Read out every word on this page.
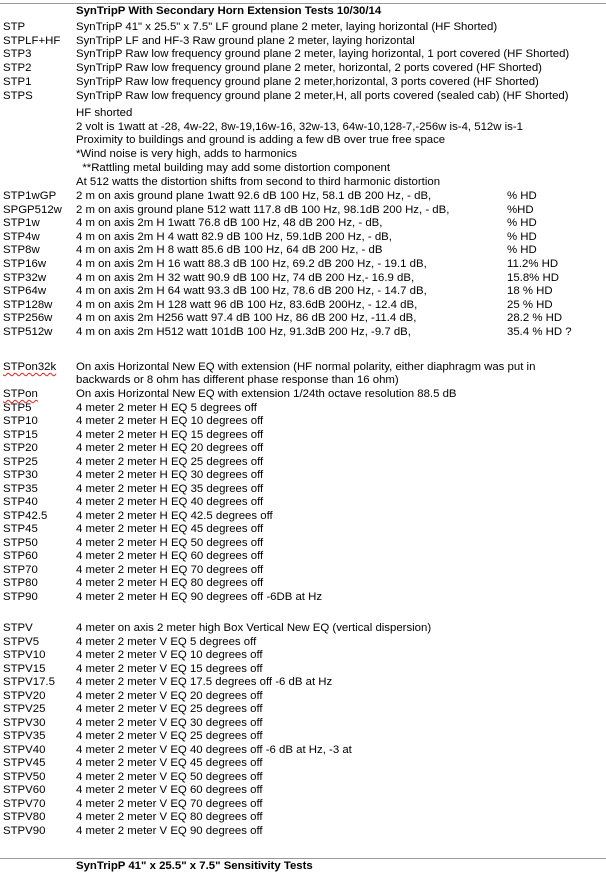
SynTripP With Secondary Horn Extension Tests 10/30/14
STP	SynTripP 41" x 25.5" x 7.5" LF ground plane 2 meter, laying horizontal (HF Shorted)
STPLF+HF SynTripP LF and HF-3 Raw ground plane 2 meter, laying horizontal
STP3	SynTripP Raw low frequency ground plane 2 meter, laying horizontal, 1 port covered (HF Shorted)
STP2	SynTripP Raw low frequency ground plane 2 meter, horizontal, 2 ports covered (HF Shorted)
STP1	SynTripP Raw low frequency ground plane 2 meter,horizontal, 3 ports covered (HF Shorted)
STPS	SynTripP Raw low frequency ground plane 2 meter,H, all ports covered (sealed cab) (HF Shorted)
HF shorted
2 volt is 1watt at -28, 4w-22, 8w-19,16w-16, 32w-13, 64w-10,128-7,-256w is-4, 512w is-1
Proximity to buildings and ground is adding a few dB over true free space
*Wind noise is very high, adds to harmonics
**Rattling metal building may add some distortion component
At 512 watts the distortion shifts from second to third harmonic distortion
STP1wGP 2 m on axis ground plane 1watt 92.6 dB 100 Hz, 58.1 dB 200 Hz, - dB,	% HD
SPGP512w 2 m on axis ground plane 512 watt 117.8 dB 100 Hz, 98.1dB 200 Hz, - dB,	%HD
STP1w	4 m on axis 2m H 1watt 76.8 dB 100 Hz, 48 dB 200 Hz, - dB,	% HD
STP4w	4 m on axis 2m H 4 watt 82.9 dB 100 Hz, 59.1dB 200 Hz, - dB,	% HD
STP8w	4 m on axis 2m H 8 watt 85.6 dB 100 Hz, 64 dB 200 Hz, - dB	% HD
STP16w	4 m on axis 2m H 16 watt 88.3 dB 100 Hz, 69.2 dB 200 Hz, - 19.1 dB,	11.2% HD
STP32w	4 m on axis 2m H 32 watt 90.9 dB 100 Hz, 74 dB 200 Hz,- 16.9 dB,	15.8% HD
STP64w	4 m on axis 2m H 64 watt 93.3 dB 100 Hz, 78.6 dB 200 Hz, - 14.7 dB,	18 % HD
STP128w 4 m on axis 2m H 128 watt 96 dB 100 Hz, 83.6dB 200Hz, - 12.4 dB,	25 % HD
STP256w 4 m on axis 2m H256 watt 97.4 dB 100 Hz, 86 dB 200 Hz, -11.4 dB,	28.2 % HD
STP512w 4 m on axis 2m H512 watt 101dB 100 Hz, 91.3dB 200 Hz, -9.7 dB,	35.4 % HD ?
STPon32k On axis Horizontal New EQ with extension (HF normal polarity, either diaphragm was put in
backwards or 8 ohm has different phase response than 16 ohm)
STPon	On axis Horizontal New EQ with extension 1/24th octave resolution 88.5 dB
STP5	4 meter 2 meter H EQ 5 degrees off
STP10	4 meter 2 meter H EQ 10 degrees off
STP15	4 meter 2 meter H EQ 15 degrees off
STP20	4 meter 2 meter H EQ 20 degrees off
STP25	4 meter 2 meter H EQ 25 degrees off
STP30	4 meter 2 meter H EQ 30 degrees off
STP35	4 meter 2 meter H EQ 35 degrees off
STP40	4 meter 2 meter H EQ 40 degrees off
STP42.5	4 meter 2 meter H EQ 42.5 degrees off
STP45	4 meter 2 meter H EQ 45 degrees off
STP50	4 meter 2 meter H EQ 50 degrees off
STP60	4 meter 2 meter H EQ 60 degrees off
STP70	4 meter 2 meter H EQ 70 degrees off
STP80	4 meter 2 meter H EQ 80 degrees off
STP90	4 meter 2 meter H EQ 90 degrees off -6DB at Hz
STPV	4 meter on axis 2 meter high Box Vertical New EQ (vertical dispersion)
STPV5	4 meter 2 meter V EQ 5 degrees off
STPV10	4 meter 2 meter V EQ 10 degrees off
STPV15	4 meter 2 meter V EQ 15 degrees off
STPV17.5 4 meter 2 meter V EQ 17.5 degrees off -6 dB at Hz
STPV20	4 meter 2 meter V EQ 20 degrees off
STPV25	4 meter 2 meter V EQ 25 degrees off
STPV30	4 meter 2 meter V EQ 30 degrees off
STPV35	4 meter 2 meter V EQ 25 degrees off
STPV40	4 meter 2 meter V EQ 40 degrees off -6 dB at Hz, -3 at
STPV45	4 meter 2 meter V EQ 45 degrees off
STPV50	4 meter 2 meter V EQ 50 degrees off
STPV60	4 meter 2 meter V EQ 60 degrees off
STPV70	4 meter 2 meter V EQ 70 degrees off
STPV80	4 meter 2 meter V EQ 80 degrees off
STPV90	4 meter 2 meter V EQ 90 degrees off
SynTripP 41" x 25.5" x 7.5" Sensitivity Tests
